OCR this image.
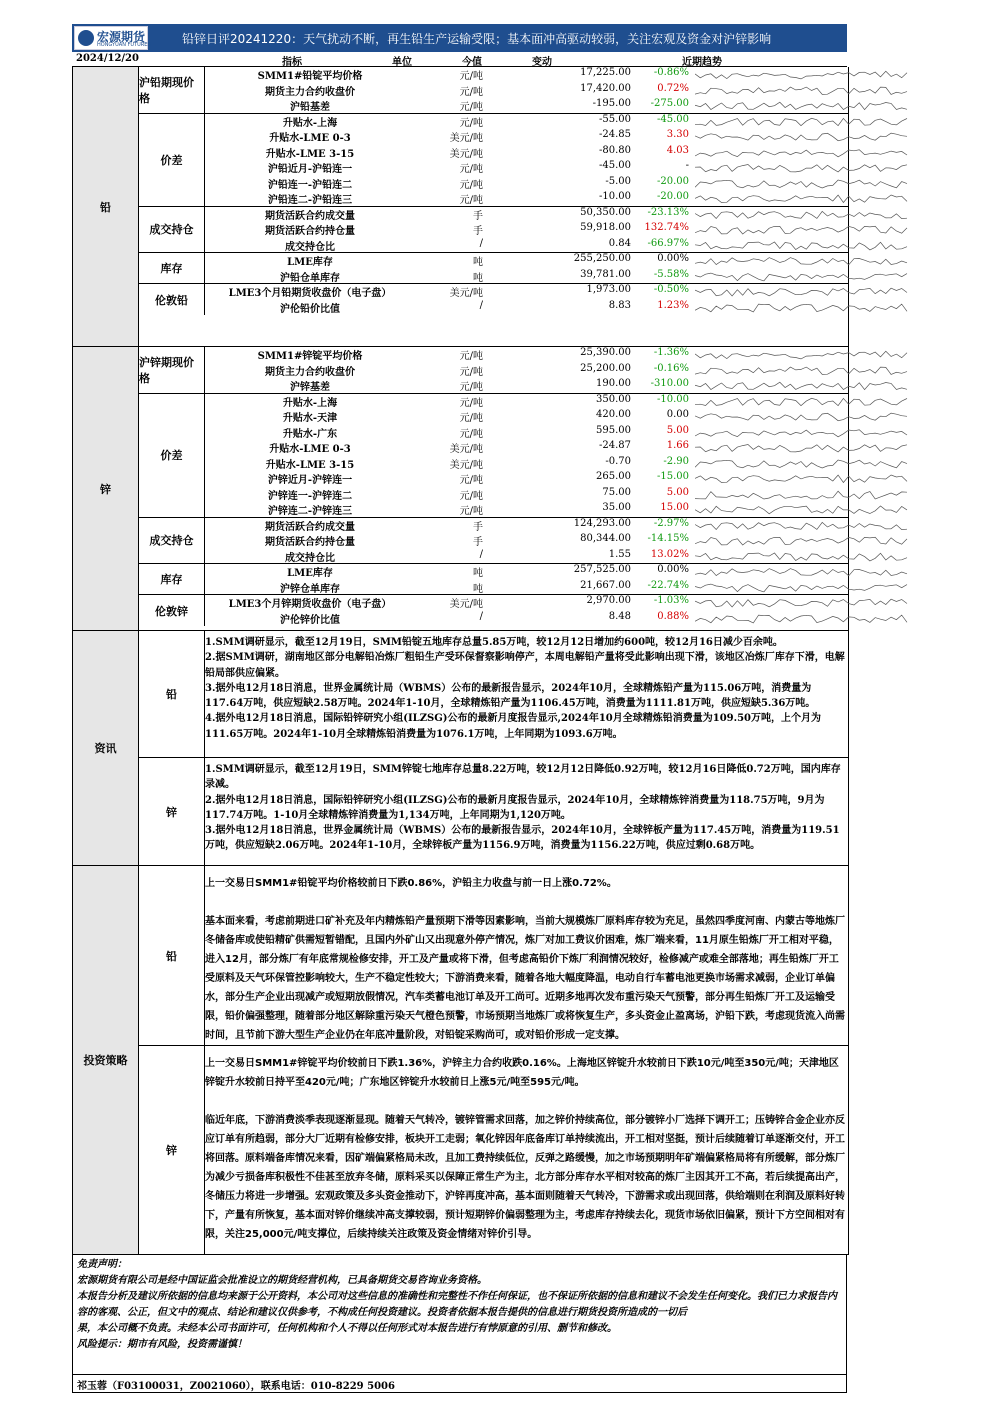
宏源期货
HONGYUAN FUTURES	铅锌日评20241220：天气扰动不断，再生铅生产运输受限；基本面冲高驱动较弱，关注宏观及资金对沪锌影响
2024/12/20	指标	单位	今值	变动	近期趋势
铅
沪铅期现价格
SMM1#铅锭平均价格	元/吨	17,225.00	-0.86%
期货主力合约收盘价	元/吨	17,420.00	0.72%
沪铅基差	元/吨	-195.00	-275.00
价差
升贴水-上海	元/吨	-55.00	-45.00
升贴水-LME 0-3	美元/吨	-24.85	3.30
升贴水-LME 3-15	美元/吨	-80.80	4.03
沪铅近月-沪铅连一	元/吨	-45.00	-
沪铅连一-沪铅连二	元/吨	-5.00	-20.00
沪铅连二-沪铅连三	元/吨	-10.00	-20.00
成交持仓
期货活跃合约成交量	手	50,350.00	-23.13%
期货活跃合约持仓量	手	59,918.00	132.74%
成交持仓比	/	0.84	-66.97%
库存	LME库存	吨	255,250.00	0.00%
沪铅仓单库存	吨	39,781.00	-5.58%
伦敦铅	LME3个月铅期货收盘价（电子盘）	美元/吨	1,973.00	-0.50%
沪伦铅价比值	/	8.83	1.23%
锌
沪锌期现价格
SMM1#锌锭平均价格	元/吨	25,390.00	-1.36%
期货主力合约收盘价	元/吨	25,200.00	-0.16%
沪锌基差	元/吨	190.00	-310.00
价差
升贴水-上海	元/吨	350.00	-10.00
升贴水-天津	元/吨	420.00	0.00
升贴水-广东	元/吨	595.00	5.00
升贴水-LME 0-3	美元/吨	-24.87	1.66
升贴水-LME 3-15	美元/吨	-0.70	-2.90
沪锌近月-沪锌连一	元/吨	265.00	-15.00
沪锌连一-沪锌连二	元/吨	75.00	5.00
沪锌连二-沪锌连三	元/吨	35.00	15.00
成交持仓
期货活跃合约成交量	手	124,293.00	-2.97%
期货活跃合约持仓量	手	80,344.00	-14.15%
成交持仓比	/	1.55	13.02%
库存	LME库存	吨	257,525.00	0.00%
沪锌仓单库存	吨	21,667.00	-22.74%
伦敦锌	LME3个月锌期货收盘价（电子盘）	美元/吨	2,970.00	-1.03%
沪伦锌价比值	/	8.48	0.88%
资讯
铅

1.SMM调研显示，截至12月19日，SMM铅锭五地库存总量5.85万吨，较12月12日增加约600吨，较12月16日减少百余吨。

2.据SMM调研，湖南地区部分电解铅冶炼厂粗铅生产受环保督察影响停产，本周电解铅产量将受此影响出现下滑，该地区冶炼厂库存下滑，电解铅局部供应偏紧。

3.据外电12月18日消息，世界金属统计局（WBMS）公布的最新报告显示，2024年10月，全球精炼铅产量为115.06万吨，消费量为117.64万吨，供应短缺2.58万吨。2024年1-10月，全球精炼铅产量为1106.45万吨，消费量为1111.81万吨，供应短缺5.36万吨。

4.据外电12月18日消息，国际铅锌研究小组(ILZSG)公布的最新月度报告显示,2024年10月全球精炼铅消费量为109.50万吨，上个月为111.65万吨。2024年1-10月全球精炼铅消费量为1076.1万吨，上年同期为1093.6万吨。

锌

1.SMM调研显示，截至12月19日，SMM锌锭七地库存总量8.22万吨，较12月12日降低0.92万吨，较12月16日降低0.72万吨，国内库存录减。

2.据外电12月18日消息，国际铅锌研究小组(ILZSG)公布的最新月度报告显示，2024年10月，全球精炼锌消费量为118.75万吨，9月为117.74万吨。1-10月全球精炼锌消费量为1,134万吨，上年同期为1,120万吨。

3.据外电12月18日消息，世界金属统计局（WBMS）公布的最新报告显示，2024年10月，全球锌板产量为117.45万吨，消费量为119.51万吨，供应短缺2.06万吨。2024年1-10月，全球锌板产量为1156.9万吨，消费量为1156.22万吨，供应过剩0.68万吨。

投资策略
铅

上一交易日SMM1#铅锭平均价格较前日下跌0.86%，沪铅主力收盘与前一日上涨0.72%。

基本面来看，考虑前期进口矿补充及年内精炼铅产量预期下滑等因素影响，当前大规模炼厂原料库存较为充足，虽然四季度河南、内蒙古等地炼厂冬储备库或使铅精矿供需短暂错配，且国内外矿山又出现意外停产情况，炼厂对加工费议价困难，炼厂端来看，11月原生铅炼厂开工相对平稳，进入12月，部分炼厂有年底常规检修安排，开工及产量或将下滑，但考虑高铅价下炼厂利润情况较好，检修减产或难全部落地；再生铅炼厂开工受原料及天气环保管控影响较大，生产不稳定性较大；下游消费来看，随着各地大幅度降温，电动自行车蓄电池更换市场需求减弱，企业订单偏水，部分生产企业出现减产或短期放假情况，汽车类蓄电池订单及开工尚可。近期多地再次发布重污染天气预警，部分再生铅炼厂开工及运输受限，铅价偏强整理，随着部分地区解除重污染天气橙色预警，市场预期当地炼厂或将恢复生产，多头资金止盈离场，沪铅下跌，考虑现货流入尚需时间，且节前下游大型生产企业仍在年底冲量阶段，对铅锭采购尚可，或对铅价形成一定支撑。

锌

上一交易日SMM1#锌锭平均价较前日下跌1.36%，沪锌主力合约收跌0.16%。上海地区锌锭升水较前日下跌10元/吨至350元/吨；天津地区锌锭升水较前日持平至420元/吨；广东地区锌锭升水较前日上涨5元/吨至595元/吨。

临近年底，下游消费淡季表现逐渐显现。随着天气转冷，镀锌管需求回落，加之锌价持续高位，部分镀锌小厂选择下调开工；压铸锌合金企业亦反应订单有所趋弱，部分大厂近期有检修安排，板块开工走弱；氧化锌因年底备库订单持续流出，开工相对坚挺，预计后续随着订单逐渐交付，开工将回落。原料端备库情况来看，因矿端偏紧格局未改，且加工费持续低位，反弹之路缓慢，加之市场预期明年矿端偏紧格局将有所缓解，部分炼厂为减少亏损备库积极性不佳甚至放弃冬储，原料采买以保障正常生产为主，北方部分库存水平相对较高的炼厂主因其开工不高，若后续提高出产，冬储压力将进一步增强。宏观政策及多头资金推动下，沪锌再度冲高，基本面则随着天气转冷，下游需求或出现回落，供给端则在利润及原料好转下，产量有所恢复，基本面对锌价继续冲高支撑较弱，预计短期锌价偏弱整理为主，考虑库存持续去化，现货市场依旧偏紧，预计下方空间相对有限，关注25,000元/吨支撑位，后续持续关注政策及资金情绪对锌价引导。

免责声明：

宏源期货有限公司是经中国证监会批准设立的期货经营机构，已具备期货交易咨询业务资格。

本报告分析及建议所依据的信息均来源于公开资料，本公司对这些信息的准确性和完整性不作任何保证，也不保证所依据的信息和建议不会发生任何变化。我们已力求报告内容的客观、公正，但文中的观点、结论和建议仅供参考，不构成任何投资建议。投资者依据本报告提供的信息进行期货投资所造成的一切后

果，本公司概不负责。未经本公司书面许可，任何机构和个人不得以任何形式对本报告进行有悖原意的引用、删节和修改。

风险提示：期市有风险，投资需谨慎！

祁玉蓉（F03100031，Z0021060），联系电话：010-8229 5006
